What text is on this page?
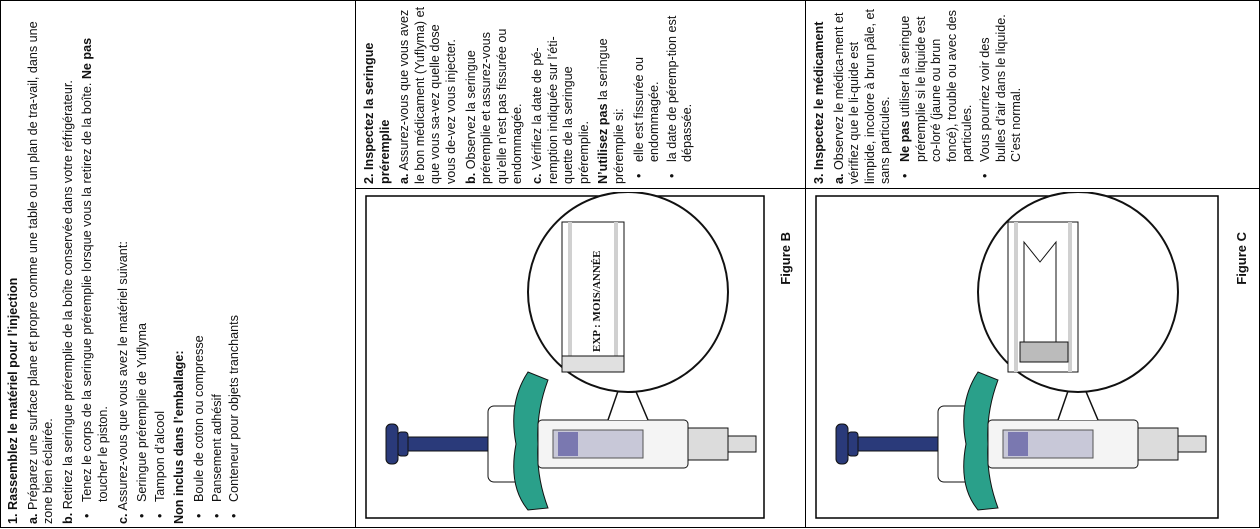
1. Rassemblez le matériel pour l’injection a. Préparez une surface plane et propre comme une table ou un plan de tra-vail, dans une zone bien éclairée. b. Retirez la seringue préremplie de la boîte conservée dans votre réfrigérateur. • Tenez le corps de la seringue préremplie lorsque vous la retirez de la boîte. Ne pas toucher le piston.

c. Assurez-vous que vous avez le matériel suivant: • Seringue préremplie de Yuflyma • Tampon d’alcool Non inclus dans l’emballage: • Boule de coton ou compresse • Pansement adhésif • Conteneur pour objets tranchants
2. Inspectez la seringue préremplie a. Assurez-vous que vous avez le bon médicament (Yuflyma) et que vous sa-vez quelle dose vous de-vez vous injecter. b. Observez la seringue préremplie et assurez-vous qu’elle n’est pas fissurée ou endommagée. c. Vérifiez la date de pé-remption indiquée sur l’éti-quette de la seringue préremplie. N’utilisez pas la seringue préremplie si: • elle est fissurée ou endommagée. • la date de péremp-tion est dépassée.	3. Inspectez le médicament a. Observez le médica-ment et vérifiez que le li-quide est limpide, incolore à brun pâle, et sans particules. • Ne pas utiliser la seringue préremplie si le liquide est co-loré (jaune ou brun foncé), trouble ou avec des particules. • Vous pourriez voir des bulles d’air dans le liquide. C’est normal.
EXP : MOIS/ANNÉE	Figure B	Figure C
